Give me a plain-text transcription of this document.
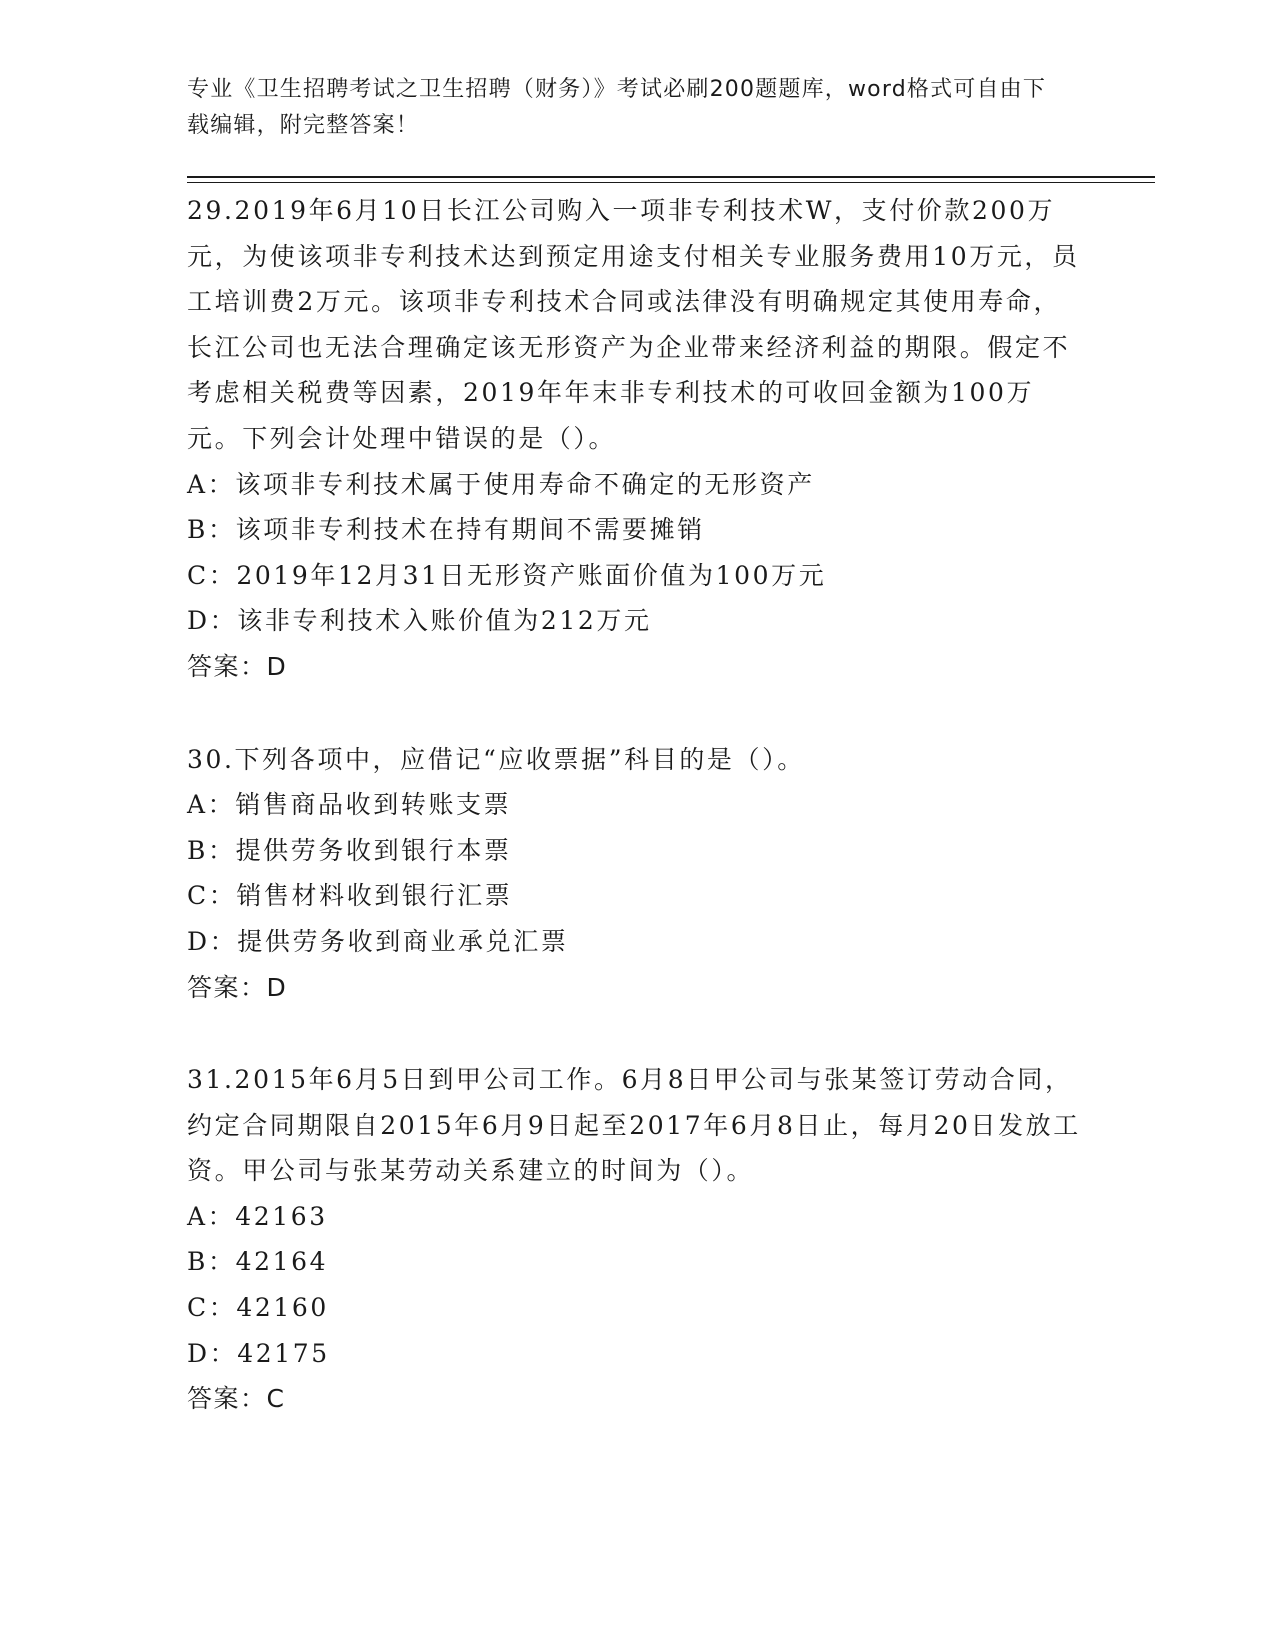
专业《卫生招聘考试之卫生招聘（财务）》考试必刷200题题库，word格式可自由下载编辑，附完整答案！
29.2019年6月10日长江公司购入一项非专利技术W，支付价款200万元，为使该项非专利技术达到预定用途支付相关专业服务费用10万元，员工培训费2万元。该项非专利技术合同或法律没有明确规定其使用寿命，长江公司也无法合理确定该无形资产为企业带来经济利益的期限。假定不考虑相关税费等因素，2019年年末非专利技术的可收回金额为100万元。下列会计处理中错误的是（）。
A：该项非专利技术属于使用寿命不确定的无形资产
B：该项非专利技术在持有期间不需要摊销
C：2019年12月31日无形资产账面价值为100万元
D：该非专利技术入账价值为212万元
答案：D
30.下列各项中，应借记“应收票据”科目的是（）。
A：销售商品收到转账支票
B：提供劳务收到银行本票
C：销售材料收到银行汇票
D：提供劳务收到商业承兑汇票
答案：D
31.2015年6月5日到甲公司工作。6月8日甲公司与张某签订劳动合同，约定合同期限自2015年6月9日起至2017年6月8日止，每月20日发放工资。甲公司与张某劳动关系建立的时间为（）。
A：42163
B：42164
C：42160
D：42175
答案：C
